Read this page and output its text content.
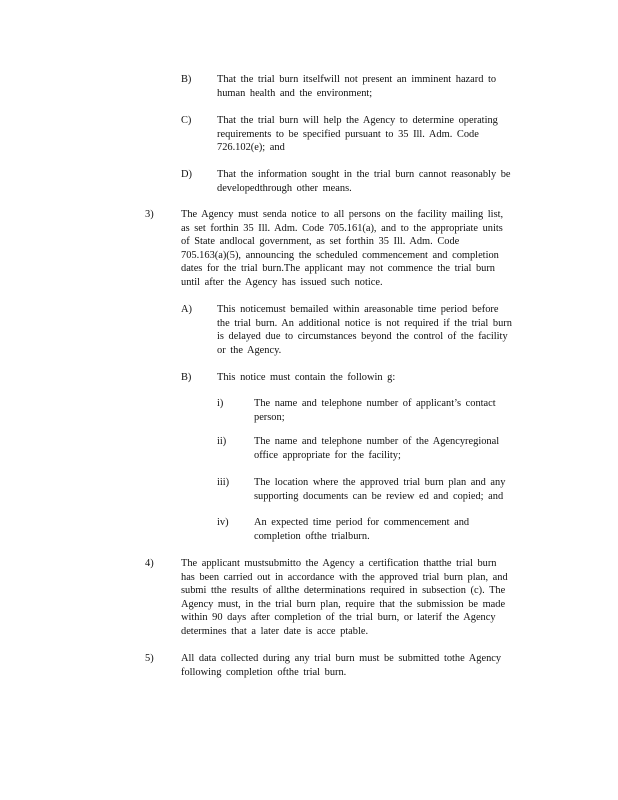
B) That the trial burn itselfwill not present an imminent hazard to

human health and the environment;

C) That the trial burn will help the Agency to determine operating

requirements to be specified pursuant to 35 Ill. Adm. Code

726.102(e); and

D) That the information sought in the trial burn cannot reasonably be

developedthrough other means.

3)	The Agency must senda notice to all persons on the facility mailing list,

as set forthin 35 Ill. Adm. Code 705.161(a), and to the appropriate units

of State andlocal government, as set forthin 35 Ill. Adm. Code

705.163(a)(5), announcing the scheduled commencement and completion

dates for the trial burn.The applicant may not commence the trial burn

until after the Agency has issued such notice.

A) This noticemust bemailed within areasonable time period before

the trial burn. An additional notice is not required if the trial burn

is delayed due to circumstances beyond the control of the facility

or the Agency.

B) This notice must contain the followin g:

i)	The name and telephone number of applicant’s contact

person;

ii)	The name and telephone number of the Agencyregional

office appropriate for the facility;

iii) The location where the approved trial burn plan and any

supporting documents can be review ed and copied; and

iv) An expected time period for commencement and

completion ofthe trialburn.

4)	The applicant mustsubmitto the Agency a certification thatthe trial burn

has been carried out in accordance with the approved trial burn plan, and

submi tthe results of allthe determinations required in subsection (c). The

Agency must, in the trial burn plan, require that the submission be made

within 90 days after completion of the trial burn, or laterif the Agency

determines that a later date is acce ptable.

5)	All data collected during any trial burn must be submitted tothe Agency

following completion ofthe trial burn.
